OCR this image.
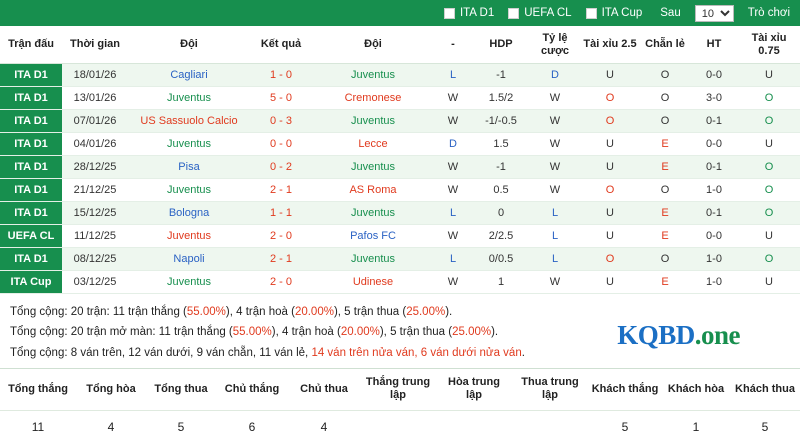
ITA D1	UEFA CL	ITA Cup Sau
10	Trò chơi
Trận đấu	Thời gian	Đội	Kết quả	Đội	-	HDP	Tỷ lệ cược	Tài xỉu 2.5	Chẵn lẻ	HT	Tài xỉu 0.75
ITA D1	18/01/26	Cagliari	1 - 0	Juventus	L	-1	D	U	O	0-0	U
ITA D1	13/01/26	Juventus	5 - 0	Cremonese	W	1.5/2	W	O	O	3-0	O
ITA D1	07/01/26	US Sassuolo Calcio	0 - 3	Juventus	W	-1/-0.5	W	O	O	0-1	O
ITA D1	04/01/26	Juventus	0 - 0	Lecce	D	1.5	W	U	E	0-0	U
ITA D1	28/12/25	Pisa	0 - 2	Juventus	W	-1	W	U	E	0-1	O
ITA D1	21/12/25	Juventus	2 - 1	AS Roma	W	0.5	W	O	O	1-0	O
ITA D1	15/12/25	Bologna	1 - 1	Juventus	L	0	L	U	E	0-1	O
UEFA CL	11/12/25	Juventus	2 - 0	Pafos FC	W	2/2.5	L	U	E	0-0	U
ITA D1	08/12/25	Napoli	2 - 1	Juventus	L	0/0.5	L	O	O	1-0	O
ITA Cup	03/12/25	Juventus	2 - 0	Udinese	W	1	W	U	E	1-0	U
Tổng cộng: 20 trận: 11 trận thắng (55.00%), 4 trận hoà (20.00%), 5 trận thua (25.00%).
Tổng cộng: 20 trận mở màn: 11 trận thắng (55.00%), 4 trận hoà (20.00%), 5 trận thua (25.00%).
Tổng cộng: 8 ván trên, 12 ván dưới, 9 ván chẵn, 11 ván lẻ, 14 ván trên nửa ván, 6 ván dưới nửa ván.
KQBD.one
Tổng thắng	Tổng hòa	Tổng thua	Chủ thắng	Chủ thua	Thắng trung lập	Hòa trung lập	Thua trung lập	Khách thắng	Khách hòa	Khách thua
11	4	5	6	4				5	1	5
